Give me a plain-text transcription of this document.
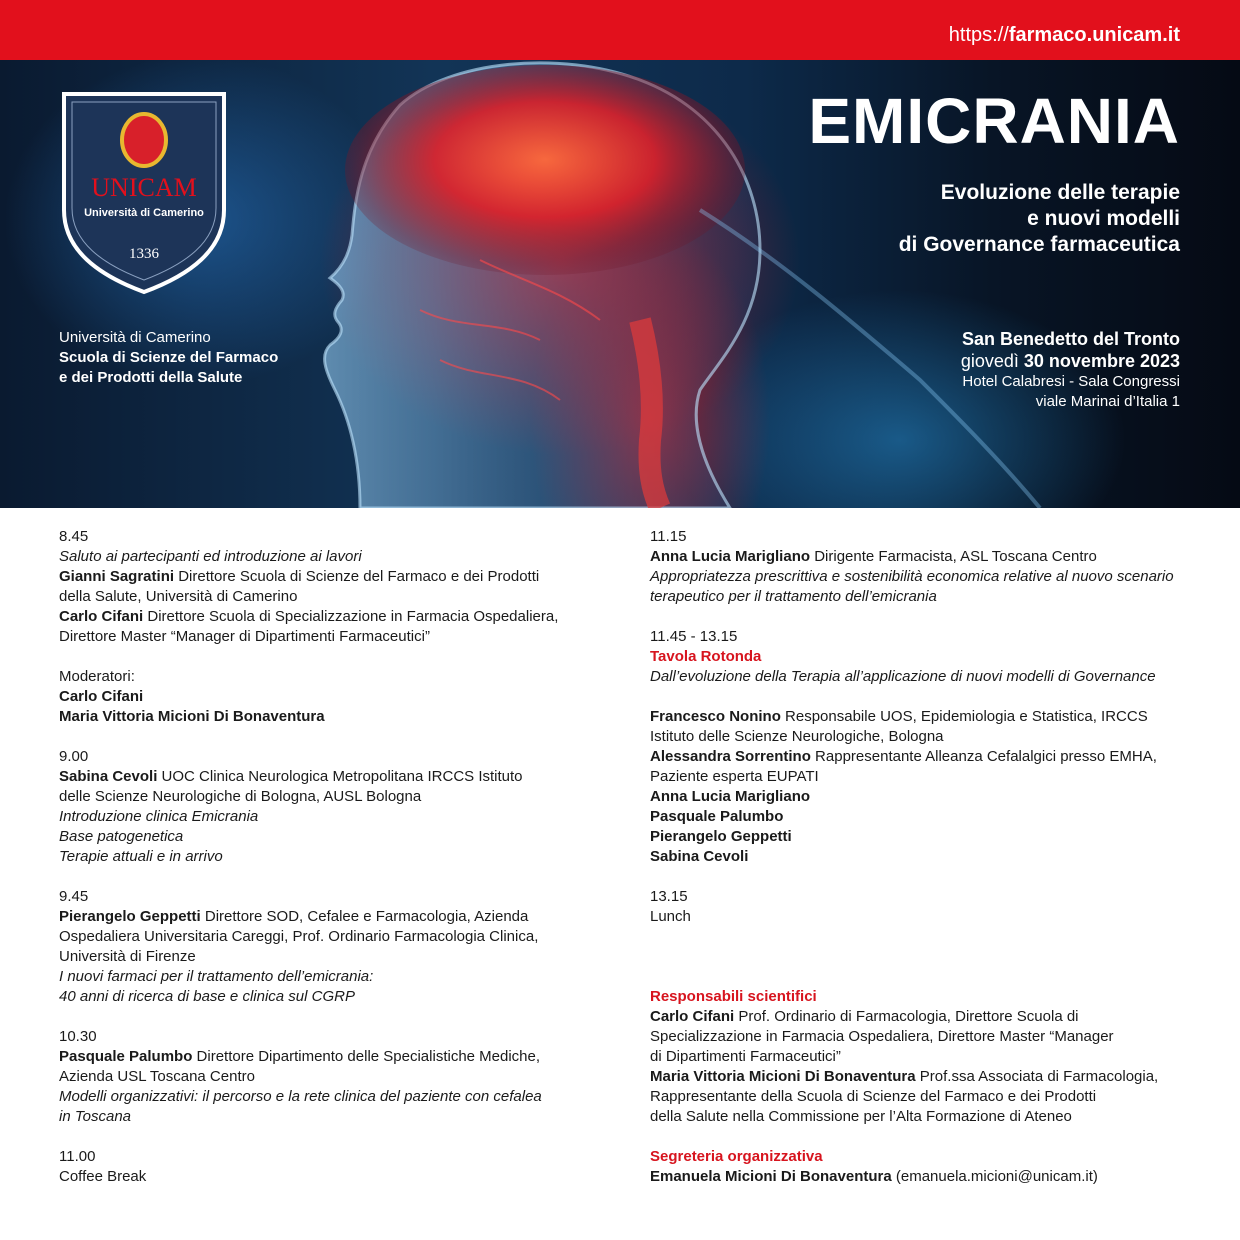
https://farmaco.unicam.it
UNICAM
Università di Camerino
1336
Università di Camerino
Scuola di Scienze del Farmaco
e dei Prodotti della Salute
EMICRANIA
Evoluzione delle terapie
e nuovi modelli
di Governance farmaceutica
San Benedetto del Tronto
giovedì 30 novembre 2023
Hotel Calabresi - Sala Congressi
viale Marinai d’Italia 1
8.45
Saluto ai partecipanti ed introduzione ai lavori
Gianni Sagratini Direttore Scuola di Scienze del Farmaco e dei Prodotti
della Salute, Università di Camerino
Carlo Cifani Direttore Scuola di Specializzazione in Farmacia Ospedaliera,
Direttore Master “Manager di Dipartimenti Farmaceutici”
Moderatori:
Carlo Cifani
Maria Vittoria Micioni Di Bonaventura
9.00
Sabina Cevoli UOC Clinica Neurologica Metropolitana IRCCS Istituto
delle Scienze Neurologiche di Bologna, AUSL Bologna
Introduzione clinica Emicrania
Base patogenetica
Terapie attuali e in arrivo
9.45
Pierangelo Geppetti Direttore SOD, Cefalee e Farmacologia, Azienda
Ospedaliera Universitaria Careggi, Prof. Ordinario Farmacologia Clinica,
Università di Firenze
I nuovi farmaci per il trattamento dell’emicrania:
40 anni di ricerca di base e clinica sul CGRP
10.30
Pasquale Palumbo Direttore Dipartimento delle Specialistiche Mediche,
Azienda USL Toscana Centro
Modelli organizzativi: il percorso e la rete clinica del paziente con cefalea
in Toscana
11.00
Coffee Break
11.15
Anna Lucia Marigliano Dirigente Farmacista, ASL Toscana Centro
Appropriatezza prescrittiva e sostenibilità economica relative al nuovo scenario
terapeutico per il trattamento dell’emicrania
11.45 - 13.15
Tavola Rotonda
Dall’evoluzione della Terapia all’applicazione di nuovi modelli di Governance
Francesco Nonino Responsabile UOS, Epidemiologia e Statistica, IRCCS
Istituto delle Scienze Neurologiche, Bologna
Alessandra Sorrentino Rappresentante Alleanza Cefalalgici presso EMHA,
Paziente esperta EUPATI
Anna Lucia Marigliano
Pasquale Palumbo
Pierangelo Geppetti
Sabina Cevoli
13.15
Lunch
Responsabili scientifici
Carlo Cifani Prof. Ordinario di Farmacologia, Direttore Scuola di
Specializzazione in Farmacia Ospedaliera, Direttore Master “Manager
di Dipartimenti Farmaceutici”
Maria Vittoria Micioni Di Bonaventura Prof.ssa Associata di Farmacologia,
Rappresentante della Scuola di Scienze del Farmaco e dei Prodotti
della Salute nella Commissione per l’Alta Formazione di Ateneo
Segreteria organizzativa
Emanuela Micioni Di Bonaventura (emanuela.micioni@unicam.it)
